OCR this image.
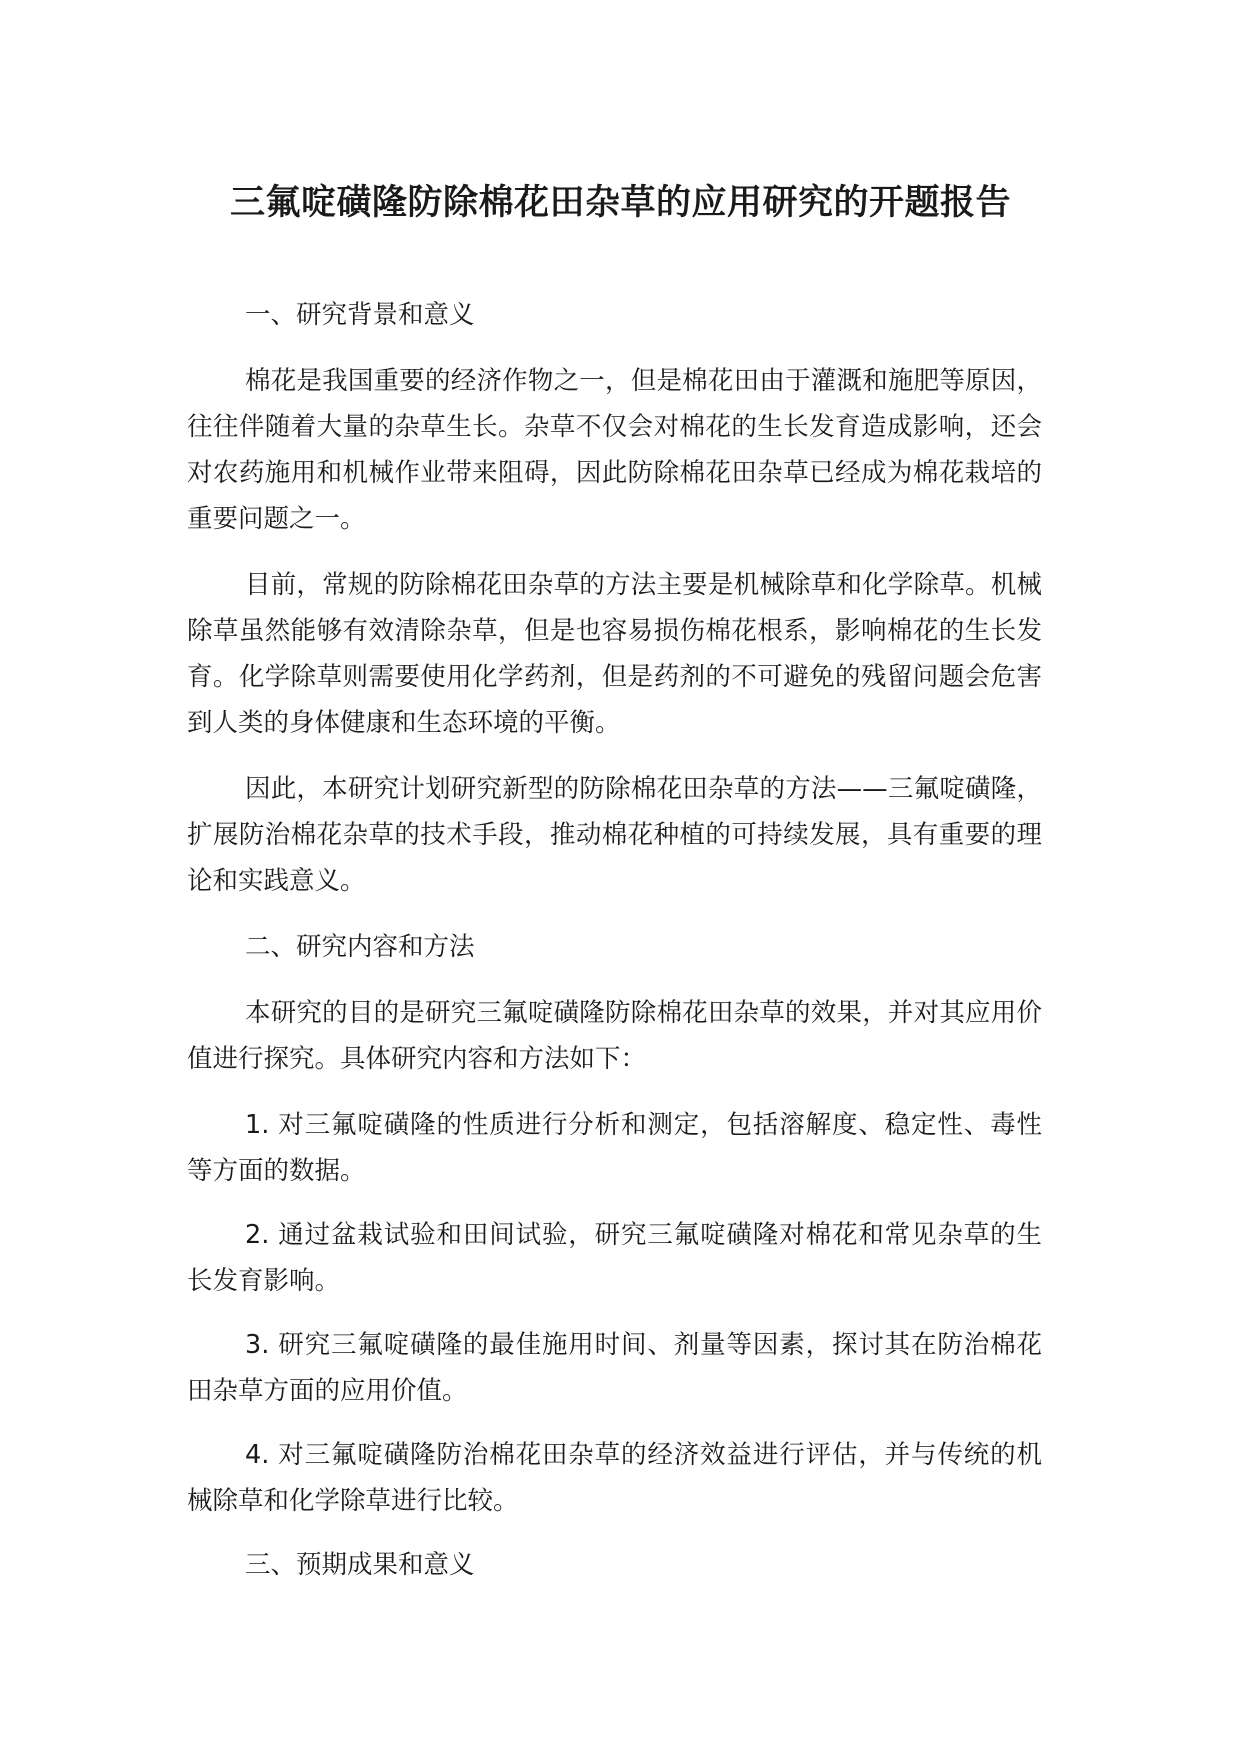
三氟啶磺隆防除棉花田杂草的应用研究的开题报告
一、研究背景和意义

棉花是我国重要的经济作物之一，但是棉花田由于灌溉和施肥等原因，往往伴随着大量的杂草生长。杂草不仅会对棉花的生长发育造成影响，还会对农药施用和机械作业带来阻碍，因此防除棉花田杂草已经成为棉花栽培的重要问题之一。

目前，常规的防除棉花田杂草的方法主要是机械除草和化学除草。机械除草虽然能够有效清除杂草，但是也容易损伤棉花根系，影响棉花的生长发育。化学除草则需要使用化学药剂，但是药剂的不可避免的残留问题会危害到人类的身体健康和生态环境的平衡。

因此，本研究计划研究新型的防除棉花田杂草的方法——三氟啶磺隆，扩展防治棉花杂草的技术手段，推动棉花种植的可持续发展，具有重要的理论和实践意义。

二、研究内容和方法

本研究的目的是研究三氟啶磺隆防除棉花田杂草的效果，并对其应用价值进行探究。具体研究内容和方法如下：

1. 对三氟啶磺隆的性质进行分析和测定，包括溶解度、稳定性、毒性等方面的数据。

2. 通过盆栽试验和田间试验，研究三氟啶磺隆对棉花和常见杂草的生长发育影响。

3. 研究三氟啶磺隆的最佳施用时间、剂量等因素，探讨其在防治棉花田杂草方面的应用价值。

4. 对三氟啶磺隆防治棉花田杂草的经济效益进行评估，并与传统的机械除草和化学除草进行比较。

三、预期成果和意义
